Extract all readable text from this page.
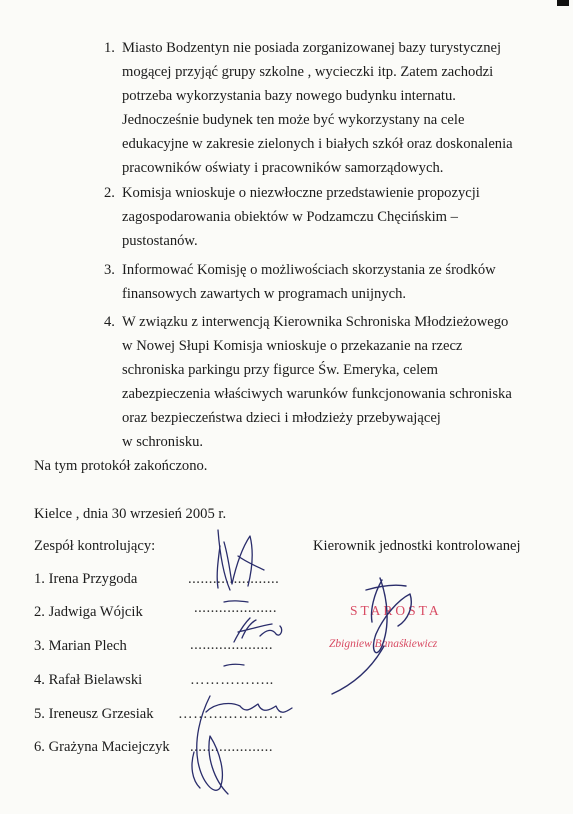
1. Miasto Bodzentyn nie posiada zorganizowanej bazy turystycznej
mogącej przyjąć grupy szkolne , wycieczki itp. Zatem zachodzi
potrzeba wykorzystania bazy nowego budynku internatu.
Jednocześnie budynek ten może być wykorzystany na cele
edukacyjne w zakresie zielonych i białych szkół oraz doskonalenia
pracowników oświaty i pracowników samorządowych.
2. Komisja wnioskuje o niezwłoczne przedstawienie propozycji
zagospodarowania obiektów w Podzamczu Chęcińskim –
pustostanów.
3. Informować Komisję o możliwościach skorzystania ze środków
finansowych zawartych w programach unijnych.
4. W związku z interwencją Kierownika Schroniska Młodzieżowego
w Nowej Słupi Komisja wnioskuje o przekazanie na rzecz
schroniska parkingu przy figurce Św. Emeryka, celem
zabezpieczenia właściwych warunków funkcjonowania schroniska
oraz bezpieczeństwa dzieci i młodzieży przebywającej
w schronisku.
Na tym protokół zakończono.
Kielce , dnia 30 wrzesień 2005 r.
Zespół kontrolujący:	Kierownik jednostki kontrolowanej
1. Irena Przygoda	......................
2. Jadwiga Wójcik	....................
3. Marian Plech	....................
4. Rafał Bielawski	……………..
5. Ireneusz Grzesiak …………………
6. Grażyna Maciejczyk ....................
STAROSTA
Zbigniew Banaśkiewicz
